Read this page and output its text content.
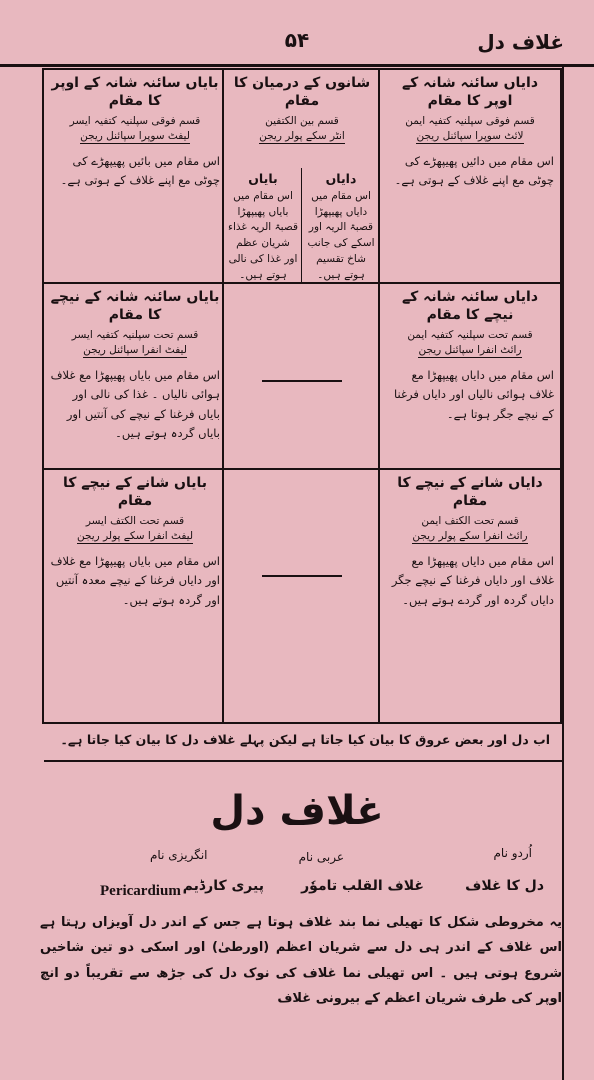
غلاف دل
۵۴
دایاں سائنہ شانہ کے اوپر کا مقام
قسم فوقی سپلنیہ کتفیہ ایمن
لائٹ سوپرا سپائنل ریجن
اس مقام میں دائیں پھیپھڑے کی چوٹی مع اپنے غلاف کے ہوتی ہے۔
شانوں کے درمیان کا مقام
قسم بین الکتفین
انٹر سکے پولر ریجن
دایاں
اس مقام میں دایاں پھیپھڑا قصبۃ الریہ اور اسکے کی جانب شاخ تقسیم ہوتے ہیں۔
بایاں
اس مقام میں بایاں پھیپھڑا قصبۃ الریہ غذاء شریان عظم اور غذا کی نالی ہوتے ہیں۔
بایاں سائنہ شانہ کے اوپر کا مقام
قسم فوقی سپلنیہ کتفیہ ایسر
لیفٹ سوپرا سپائنل ریجن
اس مقام میں بائیں پھیپھڑے کی چوٹی مع اپنے غلاف کے ہوتی ہے۔
دایاں سائنہ شانہ کے نیچے کا مقام
قسم تحت سپلنیہ کتفیہ ایمن
رائٹ انفرا سپائنل ریجن
اس مقام میں دایاں پھیپھڑا مع غلاف ہوائی نالیاں اور دایاں فرغنا کے نیچے جگر ہوتا ہے۔
بایاں سائنہ شانہ کے نیچے کا مقام
قسم تحت سپلنیہ کتفیہ ایسر
لیفٹ انفرا سپائنل ریجن
اس مقام میں بایاں پھیپھڑا مع غلاف ہوائی نالیاں ۔ غذا کی نالی اور بایاں فرغنا کے نیچے کی آنتیں اور بایاں گردہ ہوتے ہیں۔
دایاں شانے کے نیچے کا مقام
قسم تحت الکتف ایمن
رائٹ انفرا سکے پولر ریجن
اس مقام میں دایاں پھیپھڑا مع غلاف اور دایاں فرغنا کے نیچے جگر دایاں گردہ اور گردے ہوتے ہیں۔
بایاں شانے کے نیچے کا مقام
قسم تحت الکتف ایسر
لیفٹ انفرا سکے پولر ریجن
اس مقام میں بایاں پھیپھڑا مع غلاف اور دایاں فرغنا کے نیچے معدہ آنتیں اور گردہ ہوتے ہیں۔
اب دل اور بعض عروق کا بیان کیا جاتا ہے لیکن پہلے غلاف دل کا بیان کیا جاتا ہے۔
غلاف دل
اُردو نام
عربی نام
انگریزی نام
دل کا غلاف
غلاف القلب تاموٗر
پیری کارڈیم
Pericardium
یہ مخروطی شکل کا تھیلی نما بند غلاف ہوتا ہے جس کے اندر دل آویزاں رہتا ہے اس غلاف کے اندر ہی دل سے شریان اعظم (اورطیٰ) اور اسکی دو تین شاخیں شروع ہوتی ہیں ۔ اس تھیلی نما غلاف کی نوک دل کی جڑھ سے تقریباً دو انچ اوپر کی طرف شریان اعظم کے بیرونی غلاف
